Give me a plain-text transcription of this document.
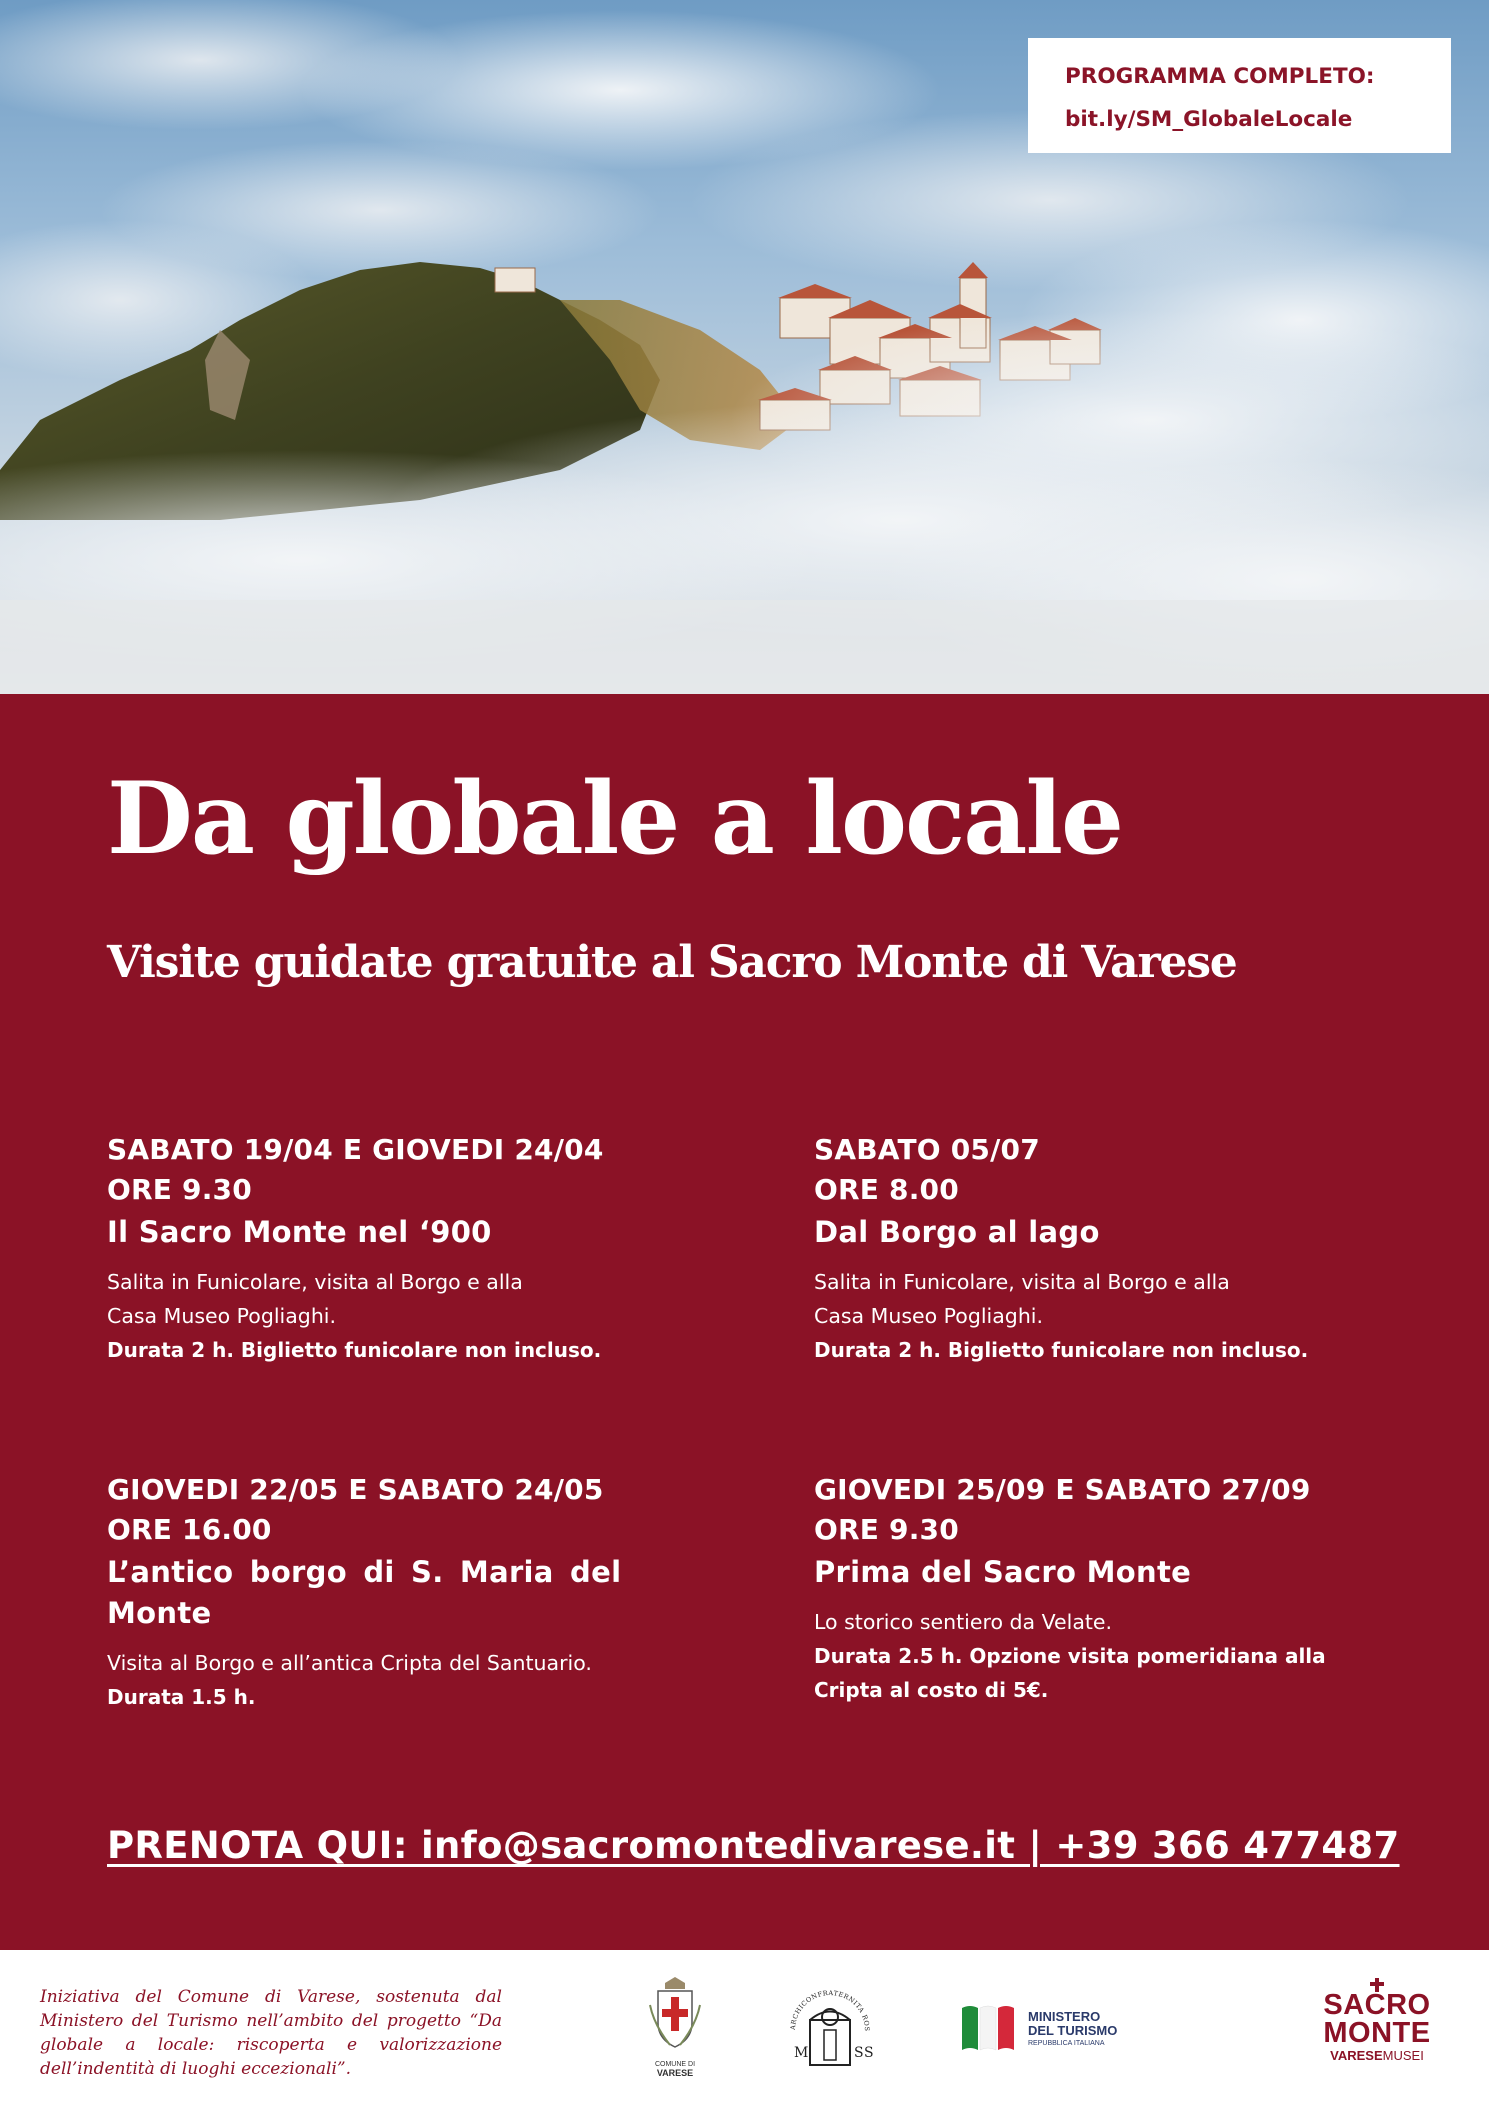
PROGRAMMA COMPLETO:
bit.ly/SM_GlobaleLocale
Da globale a locale
Visite guidate gratuite al Sacro Monte di Varese
SABATO 19/04 E GIOVEDI 24/04
ORE 9.30
Il Sacro Monte nel ‘900
Salita in Funicolare, visita al Borgo e alla
Casa Museo Pogliaghi.
Durata 2 h. Biglietto funicolare non incluso.
SABATO 05/07
ORE 8.00
Dal Borgo al lago
Salita in Funicolare, visita al Borgo e alla
Casa Museo Pogliaghi.
Durata 2 h. Biglietto funicolare non incluso.
GIOVEDI 22/05 E SABATO 24/05
ORE 16.00
L’antico borgo di S. Maria del
Monte
Visita al Borgo e all’antica Cripta del Santuario.
Durata 1.5 h.
GIOVEDI 25/09 E SABATO 27/09
ORE 9.30
Prima del Sacro Monte
Lo storico sentiero da Velate.
Durata 2.5 h. Opzione visita pomeridiana alla
Cripta al costo di 5€.
PRENOTA QUI: info@sacromontedivarese.it | +39 366 477487
Iniziativa del Comune di Varese, sostenuta dal Ministero del Turismo nell’ambito del progetto “Da globale a locale: riscoperta e valorizzazione dell’indentità di luoghi eccezionali”.	COMUNE DI
VARESE
ARCHICONFRATERNITA ROS
M	S S
MINISTERO
DEL TURISMO
REPUBBLICA ITALIANA
SACRO
MONTE
VARESEMUSEI
